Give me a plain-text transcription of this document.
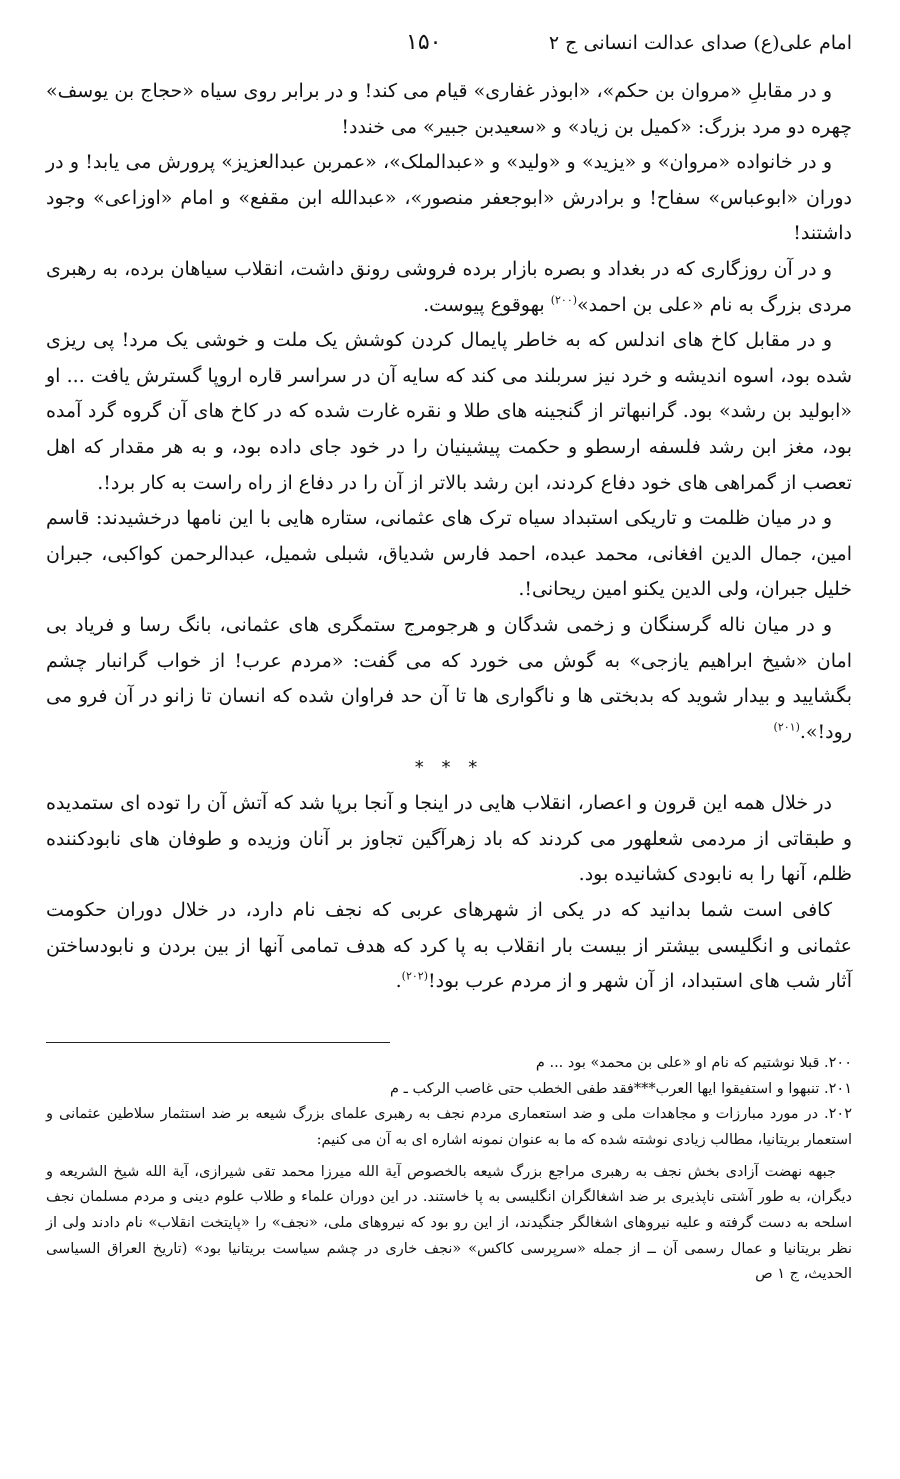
امام علی(ع) صدای عدالت انسانی ج ۲
۱۵۰

و در مقابلِ «مروان بن حکم»، «ابوذر غفاری» قیام می کند! و در برابر روی سیاه «حجاج بن یوسف» چهره دو مرد بزرگ: «کمیل بن زیاد» و «سعیدبن جبیر» می خندد!

و در خانواده «مروان» و «یزید» و «ولید» و «عبدالملک»، «عمربن عبدالعزیز» پرورش می یابد! و در دوران «ابوعباس» سفاح! و برادرش «ابوجعفر منصور»، «عبدالله ابن مقفع» و امام «اوزاعی» وجود داشتند!

و در آن روزگاری که در بغداد و بصره بازار برده فروشی رونق داشت، انقلاب سیاهان برده، به رهبری مردی بزرگ به نام «علی بن احمد»$^{(۲۰۰)}$ بهوقوع پیوست.

و در مقابل کاخ های اندلس که به خاطر پایمال کردن کوشش یک ملت و خوشی یک مرد! پی ریزی شده بود، اسوه اندیشه و خرد نیز سربلند می کند که سایه آن در سراسر قاره اروپا گسترش یافت ... او «ابولید بن رشد» بود. گرانبهاتر از گنجینه های طلا و نقره غارت شده که در کاخ های آن گروه گرد آمده بود، مغز ابن رشد فلسفه ارسطو و حکمت پیشینیان را در خود جای داده بود، و به هر مقدار که اهل تعصب از گمراهی های خود دفاع کردند، ابن رشد بالاتر از آن را در دفاع از راه راست به کار برد!.

و در میان ظلمت و تاریکی استبداد سیاه ترک های عثمانی، ستاره هایی با این نامها درخشیدند: قاسم امین، جمال الدین افغانی، محمد عبده، احمد فارس شدیاق، شبلی شمیل، عبدالرحمن کواکبی، جبران خلیل جبران، ولی الدین یکنو امین ریحانی!.

و در میان ناله گرسنگان و زخمی شدگان و هرجومرج ستمگری های عثمانی، بانگ رسا و فریاد بی امان «شیخ ابراهیم یازجی» به گوش می خورد که می گفت: «مردم عرب! از خواب گرانبار چشم بگشایید و بیدار شوید که بدبختی ها و ناگواری ها تا آن حد فراوان شده که انسان تا زانو در آن فرو می رود!».$^{(۲۰۱)}$

* * *

در خلال همه این قرون و اعصار، انقلاب هایی در اینجا و آنجا برپا شد که آتش آن را توده ای ستمدیده و طبقاتی از مردمی شعلهور می کردند که باد زهرآگین تجاوز بر آنان وزیده و طوفان های نابودکننده ظلم، آنها را به نابودی کشانیده بود.

کافی است شما بدانید که در یکی از شهرهای عربی که نجف نام دارد، در خلال دوران حکومت عثمانی و انگلیسی بیشتر از بیست بار انقلاب به پا کرد که هدف تمامی آنها از بین بردن و نابودساختن آثار شب های استبداد، از آن شهر و از مردم عرب بود!$^{(۲۰۲)}$.

۲۰۰. قبلا نوشتیم که نام او «علی بن محمد» بود ... م

۲۰۱. تنبهوا و استفیقوا ایها العرب***فقد طفی الخطب حتی غاصب الرکب ـ م

۲۰۲. در مورد مبارزات و مجاهدات ملی و ضد استعماری مردم نجف به رهبری علمای بزرگ شیعه بر ضد استثمار سلاطین عثمانی و استعمار بریتانیا، مطالب زیادی نوشته شده که ما به عنوان نمونه اشاره ای به آن می کنیم:

جبهه نهضت آزادی بخش نجف به رهبری مراجع بزرگ شیعه بالخصوص آیة الله میرزا محمد تقی شیرازی، آیة الله شیخ الشریعه و دیگران، به طور آشتی ناپذیری بر ضد اشغالگران انگلیسی به پا خاستند. در این دوران علماء و طلاب علوم دینی و مردم مسلمان نجف اسلحه به دست گرفته و علیه نیروهای اشغالگر جنگیدند، از این رو بود که نیروهای ملی، «نجف» را «پایتخت انقلاب» نام دادند ولی از نظر بریتانیا و عمال رسمی آن ــ از جمله «سرپرسی کاکس» «نجف خاری در چشم سیاست بریتانیا بود» (تاریخ العراق السیاسی الحدیث، ج ۱ ص
